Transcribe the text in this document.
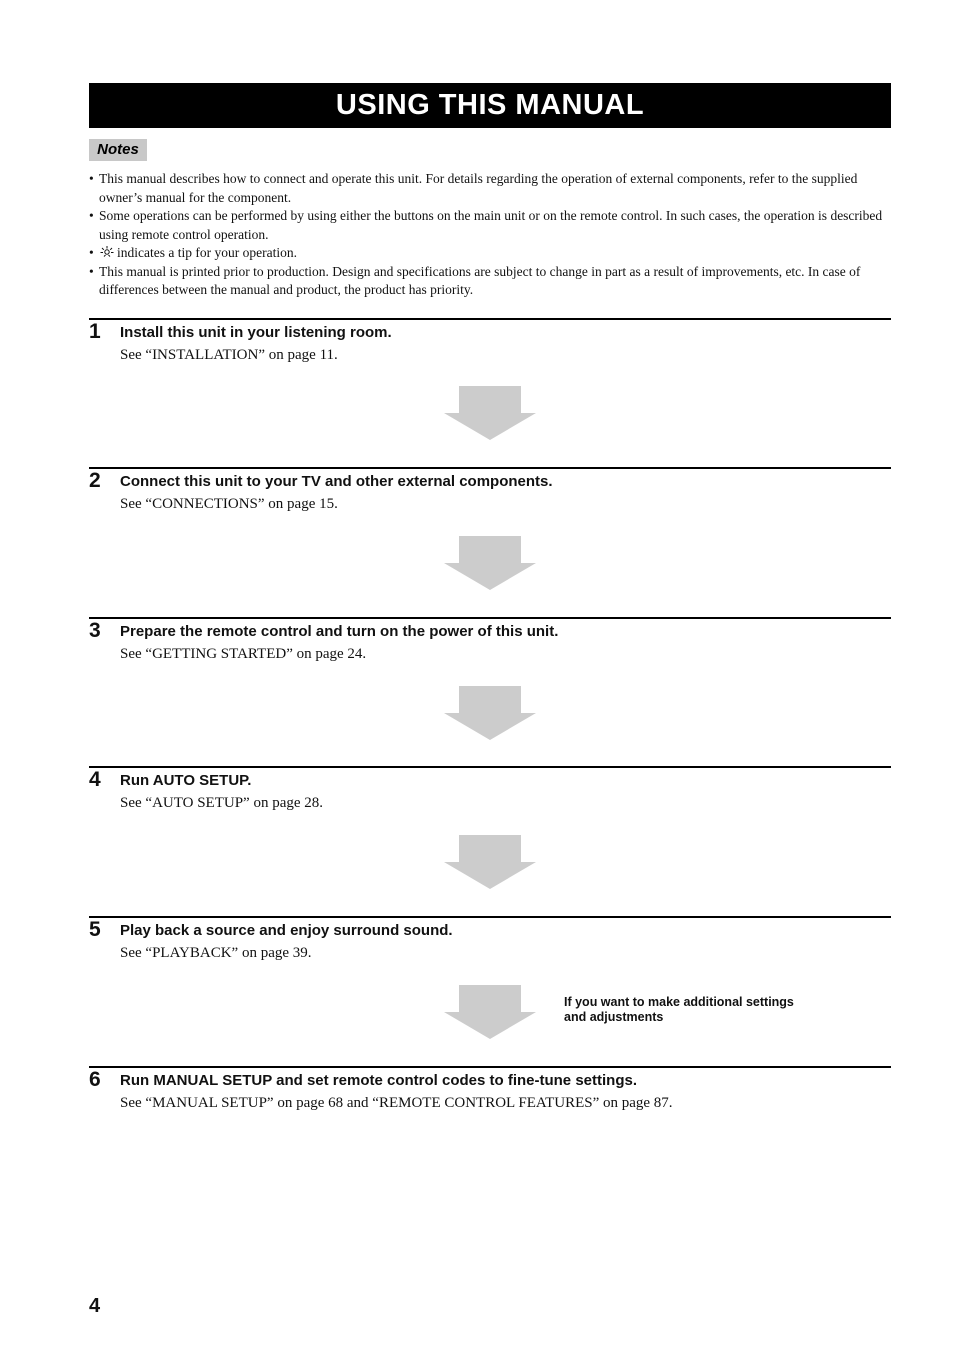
USING THIS MANUAL
Notes
• This manual describes how to connect and operate this unit. For details regarding the operation of external components, refer to the supplied owner’s manual for the component.
• Some operations can be performed by using either the buttons on the main unit or on the remote control. In such cases, the operation is described using remote control operation.
• indicates a tip for your operation.
• This manual is printed prior to production. Design and specifications are subject to change in part as a result of improvements, etc. In case of differences between the manual and product, the product has priority.
1 Install this unit in your listening room.
See “INSTALLATION” on page 11.
2 Connect this unit to your TV and other external components.
See “CONNECTIONS” on page 15.
3 Prepare the remote control and turn on the power of this unit.
See “GETTING STARTED” on page 24.
4 Run AUTO SETUP.
See “AUTO SETUP” on page 28.
5 Play back a source and enjoy surround sound.
See “PLAYBACK” on page 39.
If you want to make additional settings
and adjustments
6 Run MANUAL SETUP and set remote control codes to fine-tune settings.
See “MANUAL SETUP” on page 68 and “REMOTE CONTROL FEATURES” on page 87.
4
